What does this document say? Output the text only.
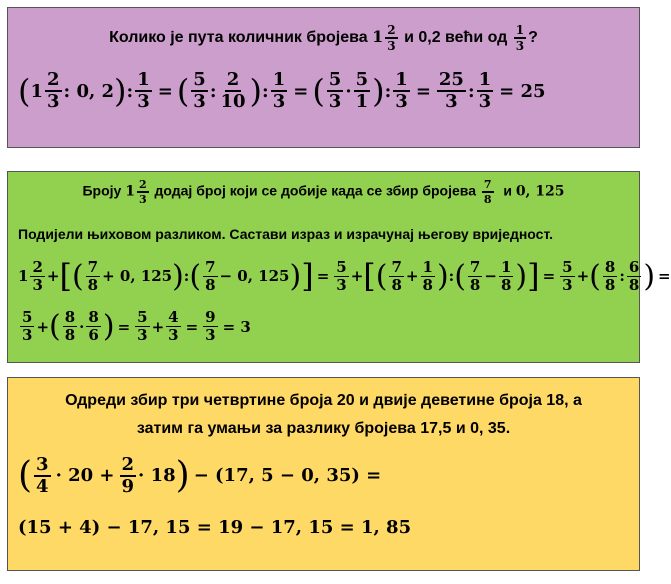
Колико је пута количник бројева $1 \frac{2}{3}$ и 0,2 већи од $\frac{1}{3}$ ?
( $1 \frac{2}{3}$ : 0, 2 ) : $\frac{1}{3}$ = ( $\frac{5}{3}$ : $\frac{2}{10}$ ) : $\frac{1}{3}$ = ( $\frac{5}{3} \cdot \frac{5}{1}$ ) : $\frac{1}{3} = \frac{25}{3}$ : $\frac{1}{3} = 25$
Броју $1 \frac{2}{3}$ додај број који се добије када се збир бројева $\frac{7}{8}$ и 0, 125
Подијели њиховом разликом. Састави израз и израчунај његову вриједност.
$1 \frac{2}{3}$ + [ ( $\frac{7}{8} + 0$, 125 ) : ( $\frac{7}{8} - 0$, 125 ) ] = $\frac{5}{3}$ + [ ( $\frac{7}{8} + \frac{1}{8}$ ) : ( $\frac{7}{8} - \frac{1}{8}$ ) ] = $\frac{5}{3}$ + ( $\frac{8}{8}$ : $\frac{6}{8}$ ) =
$\frac{5}{3}$ + ( $\frac{8}{8} \cdot \frac{8}{6}$ ) = $\frac{5}{3} + \frac{4}{3} = \frac{9}{3} = 3$
Одреди збир три четвртине броја 20 и двије деветине броја 18, а
затим га умањи за разлику бројева 17,5 и 0, 35.
( $\frac{3}{4} \cdot 20 + \frac{2}{9} \cdot 18$ ) − (17, 5 − 0, 35) =
(15 + 4) − 17, 15 = 19 − 17, 15 = 1, 85
